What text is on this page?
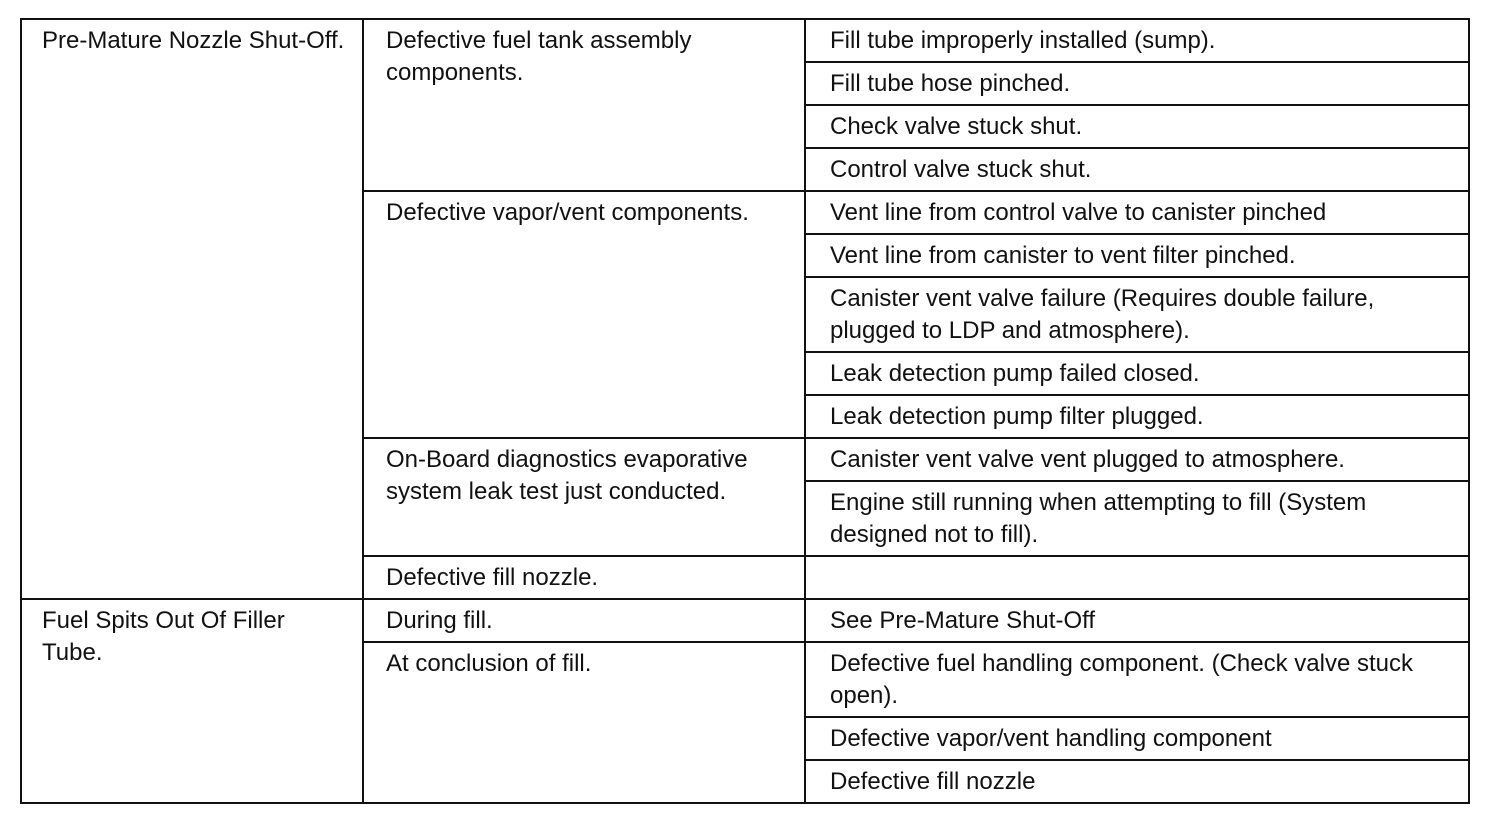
Pre-Mature Nozzle Shut-Off.	Defective fuel tank assembly components.	Fill tube improperly installed (sump).
		Fill tube hose pinched.
		Check valve stuck shut.
		Control valve stuck shut.
	Defective vapor/vent components.	Vent line from control valve to canister pinched
		Vent line from canister to vent filter pinched.
		Canister vent valve failure (Requires double failure, plugged to LDP and atmosphere).
		Leak detection pump failed closed.
		Leak detection pump filter plugged.
	On-Board diagnostics evaporative system leak test just conducted.	Canister vent valve vent plugged to atmosphere.
		Engine still running when attempting to fill (System designed not to fill).
	Defective fill nozzle.	
Fuel Spits Out Of Filler Tube.	During fill.	See Pre-Mature Shut-Off
	At conclusion of fill.	Defective fuel handling component. (Check valve stuck open).
		Defective vapor/vent handling component
		Defective fill nozzle
